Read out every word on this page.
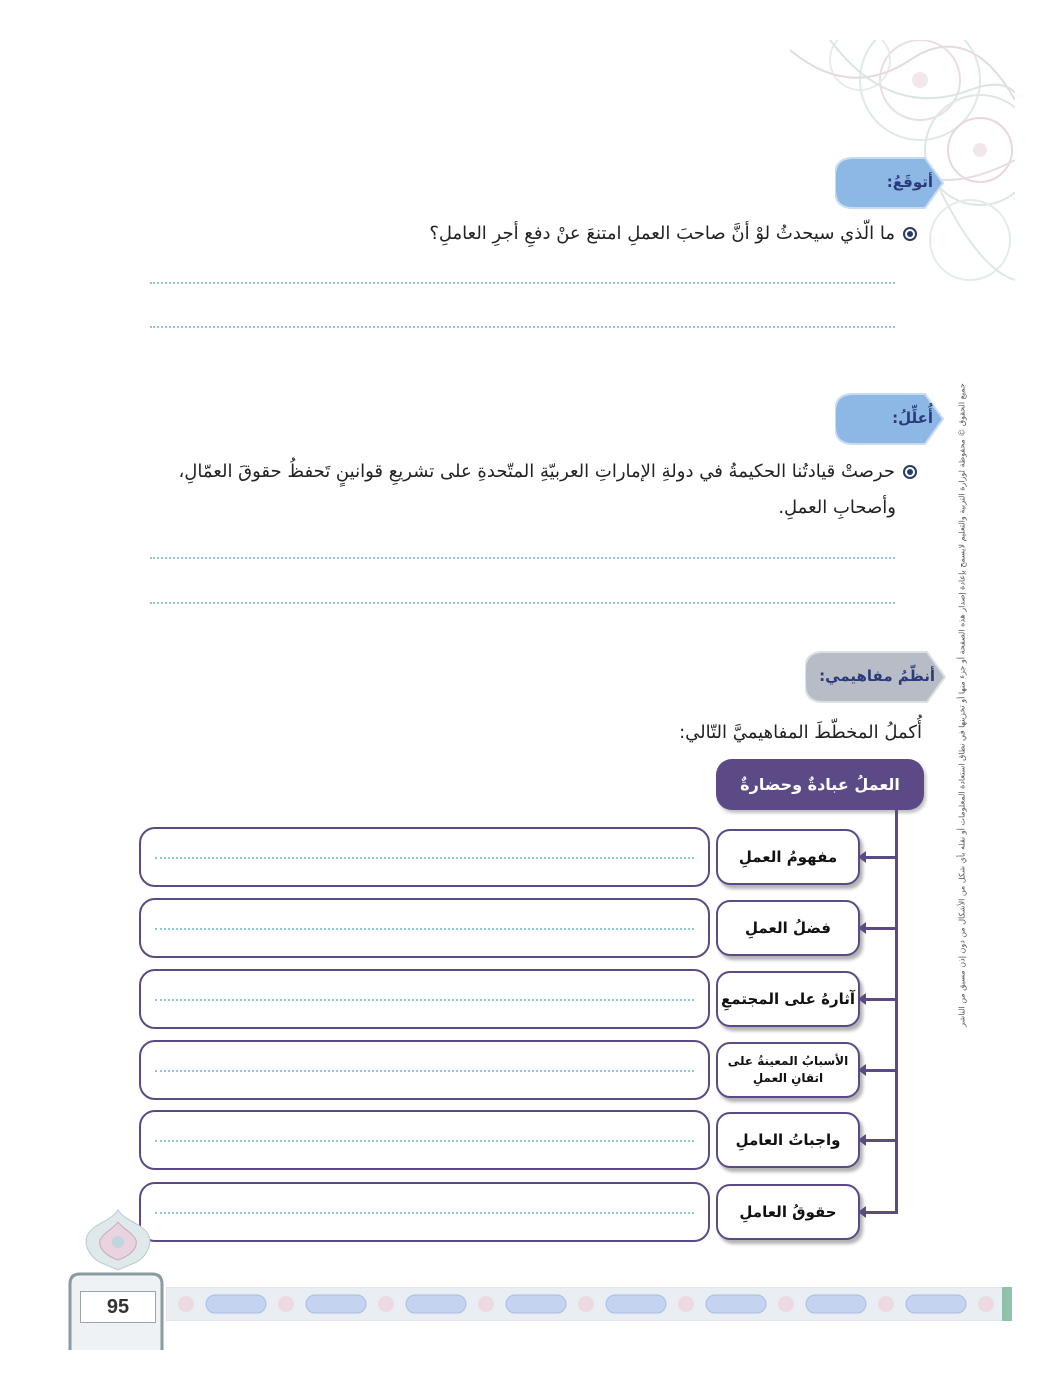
جميع الحقوق © محفوظة لوزارة التربية والتعليم لايسمح بإعادة إصدار هذه الصفحة أو جزء منها أو تخزينها في نطاق استعادة المعلومات أو نقله بأي شكل من الأشكال من دون إذن مسبق من الناشر
أتوقَعُ:
ما الّذي سيحدثُ لوْ أنَّ صاحبَ العملِ امتنعَ عنْ دفعِ أجرِ العاملِ؟
أُعلِّلُ:
حرصتْ قيادتُنا الحكيمةُ في دولةِ الإماراتِ العربيّةِ المتّحدةِ على تشريعِ قوانينٍ تَحفظُ حقوقَ العمّالِ،
وأصحابِ العملِ.
أنظّمُ مفاهيمي:
أُكملُ المخطّطَ المفاهيميَّ التّالي:
العملُ عبادةٌ وحضارةٌ
مفهومُ العملِ
فضلُ العملِ
آثارهُ على المجتمعِ
الأسبابُ المعينةُ على
اتقانِ العملِ
واجباتُ العاملِ
حقوقُ العاملِ
95
